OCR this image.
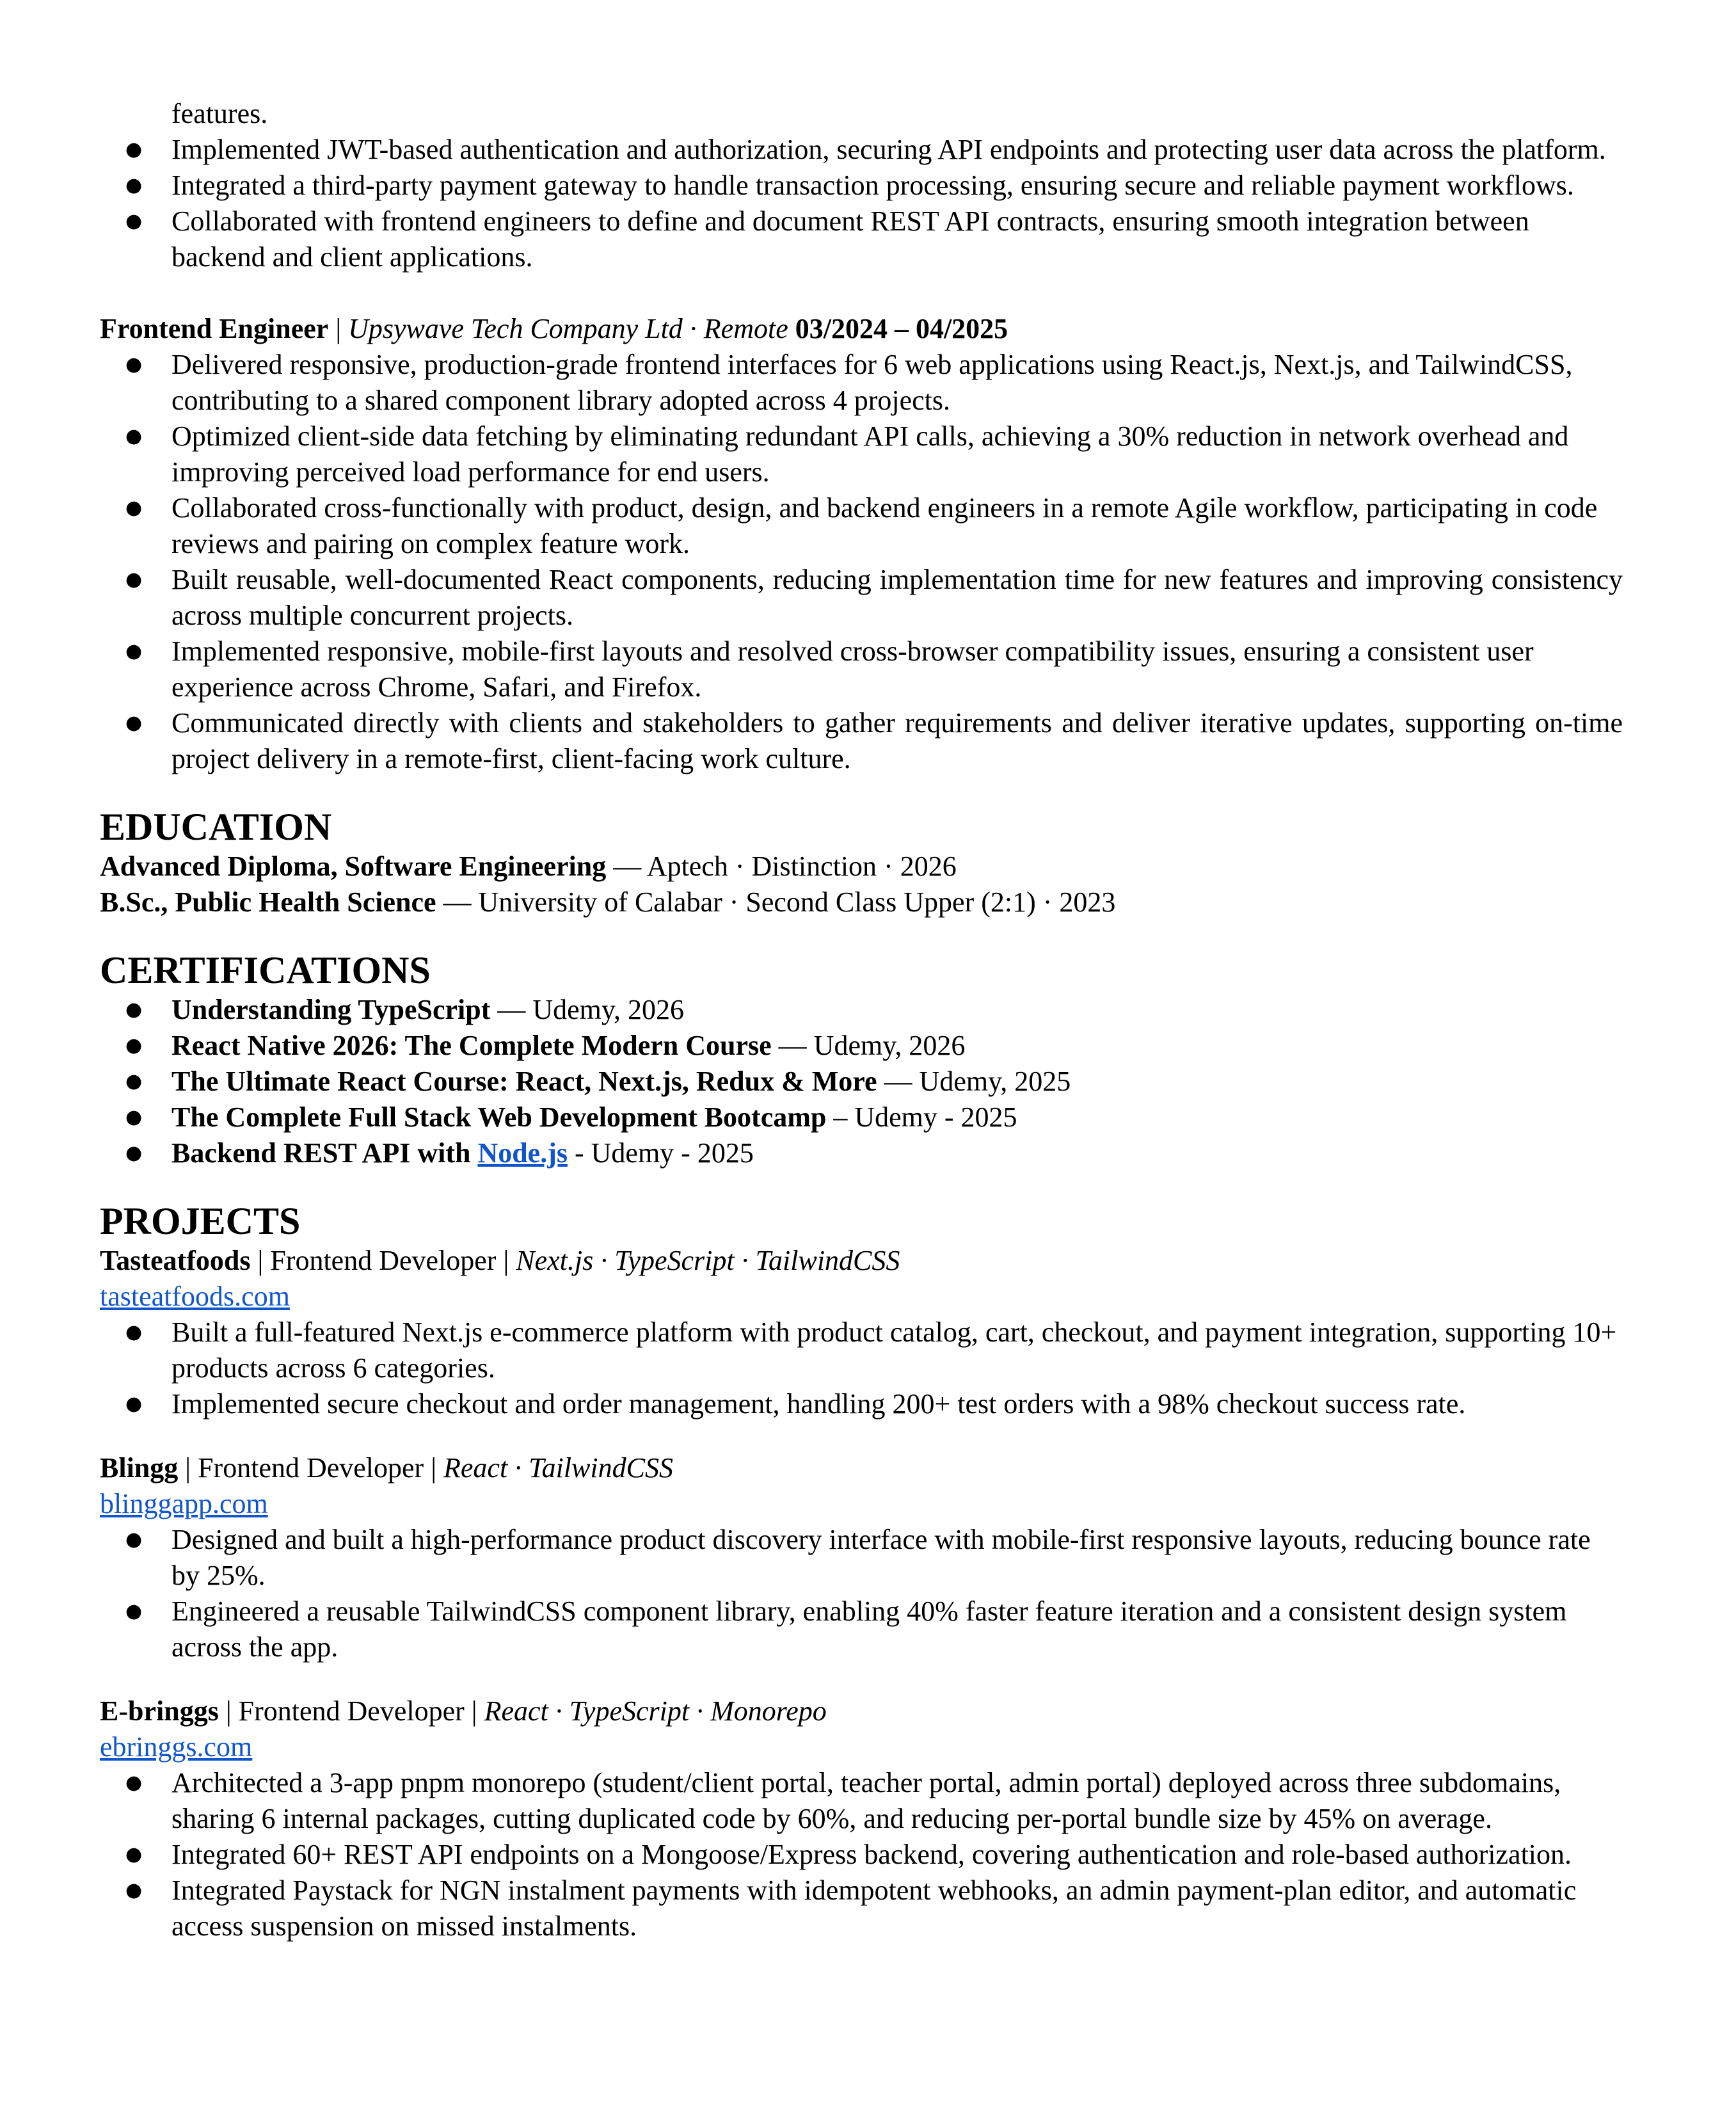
features.
● Implemented JWT-based authentication and authorization, securing API endpoints and protecting user data across the platform.
● Integrated a third-party payment gateway to handle transaction processing, ensuring secure and reliable payment workflows.
● Collaborated with frontend engineers to define and document REST API contracts, ensuring smooth integration between backend and client applications.
Frontend Engineer | Upsywave Tech Company Ltd · Remote 03/2024 – 04/2025
● Delivered responsive, production-grade frontend interfaces for 6 web applications using React.js, Next.js, and TailwindCSS, contributing to a shared component library adopted across 4 projects.
● Optimized client-side data fetching by eliminating redundant API calls, achieving a 30% reduction in network overhead and improving perceived load performance for end users.
● Collaborated cross-functionally with product, design, and backend engineers in a remote Agile workflow, participating in code reviews and pairing on complex feature work.
● Built reusable, well-documented React components, reducing implementation time for new features and improving consistency across multiple concurrent projects.
● Implemented responsive, mobile-first layouts and resolved cross-browser compatibility issues, ensuring a consistent user experience across Chrome, Safari, and Firefox.
● Communicated directly with clients and stakeholders to gather requirements and deliver iterative updates, supporting on-time project delivery in a remote-first, client-facing work culture.
EDUCATION
Advanced Diploma, Software Engineering — Aptech · Distinction · 2026
B.Sc., Public Health Science — University of Calabar · Second Class Upper (2:1) · 2023
CERTIFICATIONS
● Understanding TypeScript — Udemy, 2026
● React Native 2026: The Complete Modern Course — Udemy, 2026
● The Ultimate React Course: React, Next.js, Redux & More — Udemy, 2025
● The Complete Full Stack Web Development Bootcamp – Udemy - 2025
● Backend REST API with Node.js - Udemy - 2025
PROJECTS
Tasteatfoods | Frontend Developer | Next.js · TypeScript · TailwindCSS
tasteatfoods.com
● Built a full-featured Next.js e-commerce platform with product catalog, cart, checkout, and payment integration, supporting 10+ products across 6 categories.
● Implemented secure checkout and order management, handling 200+ test orders with a 98% checkout success rate.
Blingg | Frontend Developer | React · TailwindCSS
blinggapp.com
● Designed and built a high-performance product discovery interface with mobile-first responsive layouts, reducing bounce rate by 25%.
● Engineered a reusable TailwindCSS component library, enabling 40% faster feature iteration and a consistent design system across the app.
E-bringgs | Frontend Developer | React · TypeScript · Monorepo
ebringgs.com
● Architected a 3-app pnpm monorepo (student/client portal, teacher portal, admin portal) deployed across three subdomains, sharing 6 internal packages, cutting duplicated code by 60%, and reducing per-portal bundle size by 45% on average.
● Integrated 60+ REST API endpoints on a Mongoose/Express backend, covering authentication and role-based authorization.
● Integrated Paystack for NGN instalment payments with idempotent webhooks, an admin payment-plan editor, and automatic access suspension on missed instalments.
